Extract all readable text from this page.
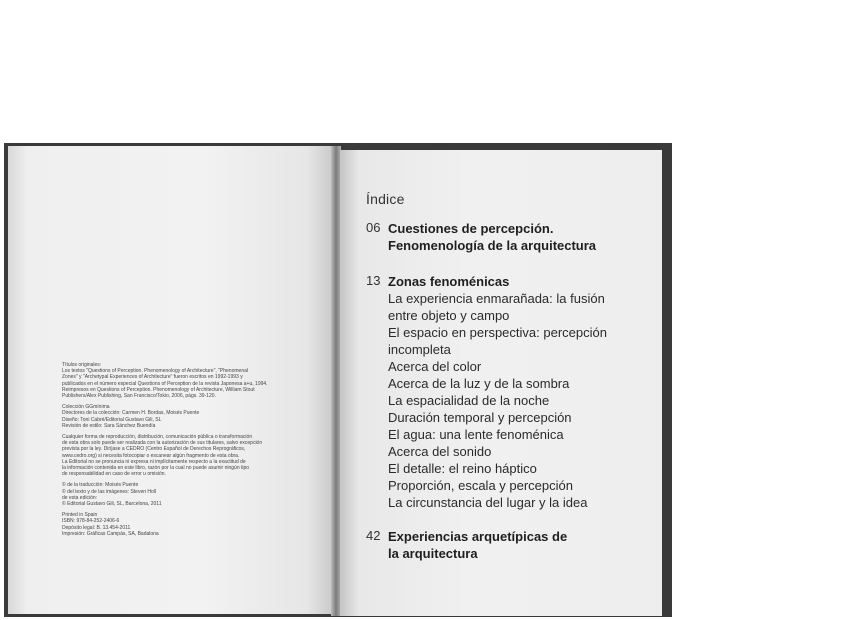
Títulos originales:
Los textos "Questions of Perception. Phenomenology of Architecture", "Phenomenal
Zones" y "Archetypal Experiences of Architecture" fueron escritos en 1992-1993 y
publicados en el número especial Questions of Perception de la revista Japonesa a+u, 1994.
Reimpresos en Questions of Perception. Phenomenology of Architecture, William Stout
Publishers/Alex Publishing, San Francisco/Tokio, 2006, págs. 39-120.

Colección GGmínima
Directores de la colección: Carmen H. Bordas, Moisés Puente
Diseño: Toni Cabré/Editorial Gustavo Gili, SL
Revisión de estilo: Sara Sánchez Buendía

Cualquier forma de reproducción, distribución, comunicación pública o transformación
de esta obra solo puede ser realizada con la autorización de sus titulares, salvo excepción
prevista por la ley. Diríjase a CEDRO (Centro Español de Derechos Reprográficos,
www.cedro.org) si necesita fotocopiar o escanear algún fragmento de esta obra.
La Editorial no se pronuncia ni expresa ni implícitamente respecto a la exactitud de
la información contenida en este libro, razón por la cual no puede asumir ningún tipo
de responsabilidad en caso de error u omisión.

© de la traducción: Moisés Puente
© del texto y de las imágenes: Steven Holl
de esta edición:
© Editorial Gustavo Gili, SL, Barcelona, 2011

Printed in Spain
ISBN: 978-84-252-2406-6
Depósito legal: B. 13.454-2011
Impresión: Gráficas Campás, SA, Badalona

Índice
06 Cuestiones de percepción.
Fenomenología de la arquitectura
13 Zonas fenoménicas
La experiencia enmarañada: la fusión
entre objeto y campo
El espacio en perspectiva: percepción
incompleta
Acerca del color
Acerca de la luz y de la sombra
La espacialidad de la noche
Duración temporal y percepción
El agua: una lente fenoménica
Acerca del sonido
El detalle: el reino háptico
Proporción, escala y percepción
La circunstancia del lugar y la idea
42 Experiencias arquetípicas de
la arquitectura
